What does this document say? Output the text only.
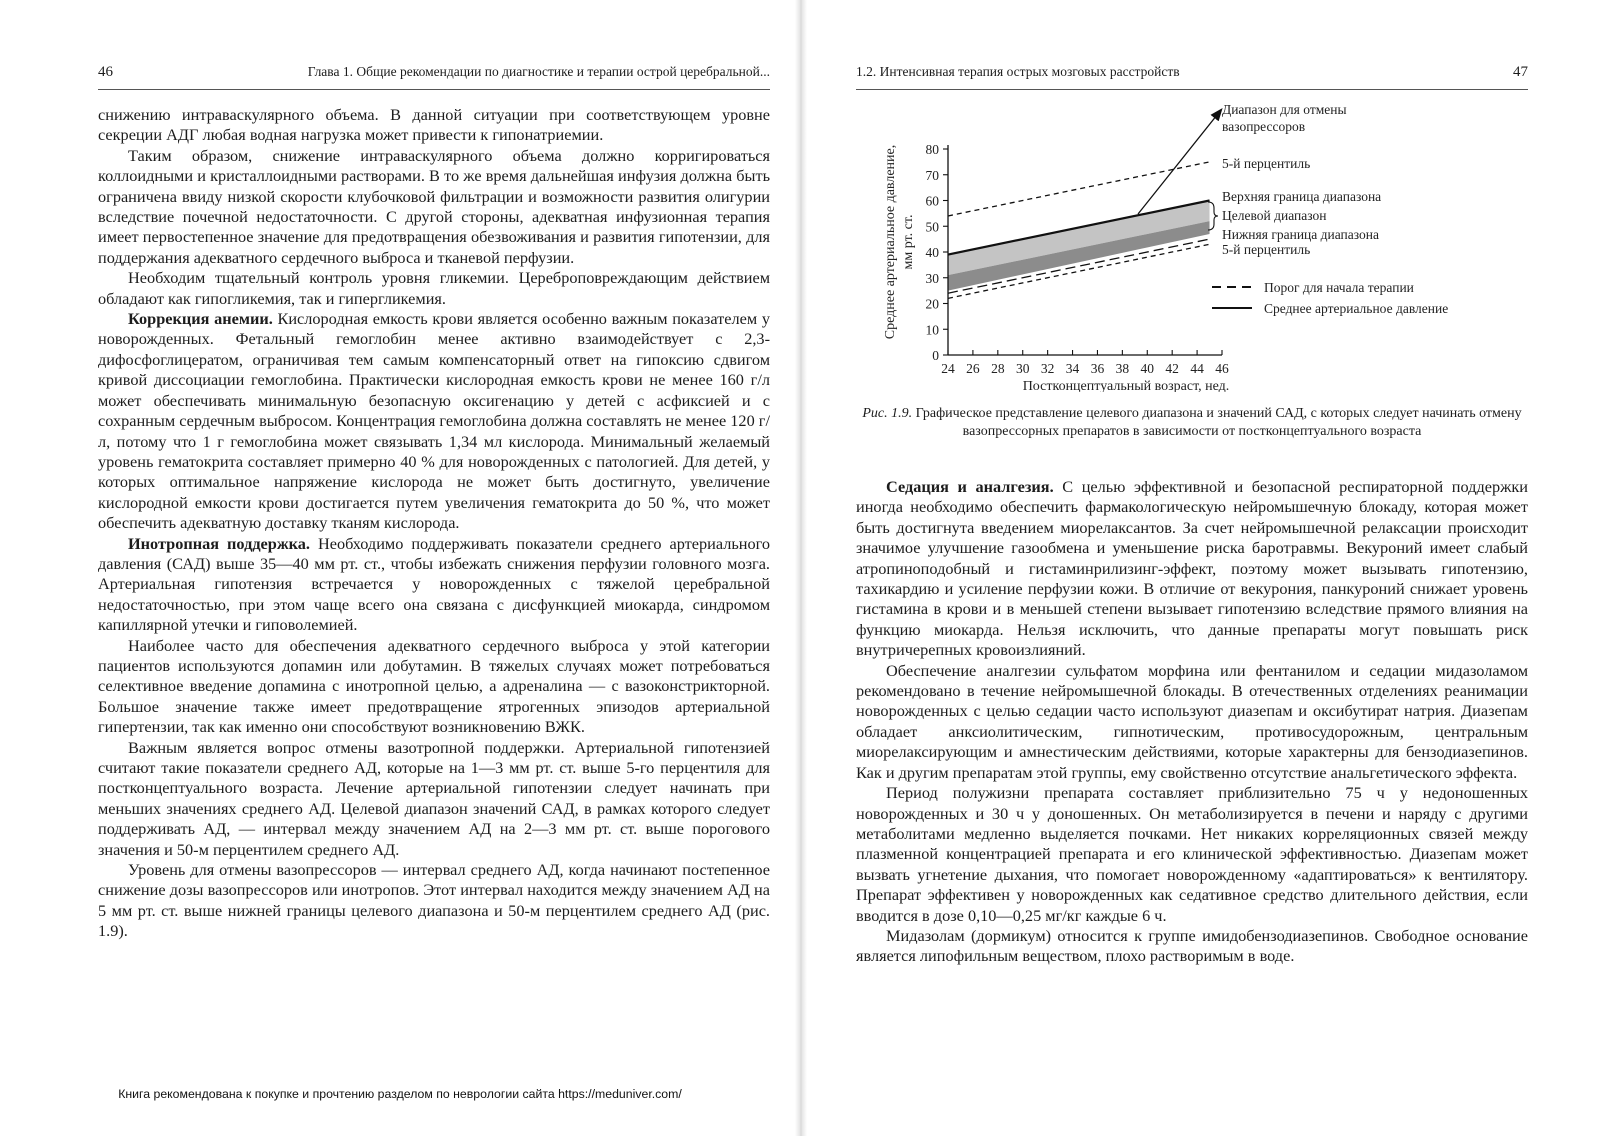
46	Глава 1. Общие рекомендации по диагностике и терапии острой церебральной...

снижению интраваскулярного объема. В данной ситуации при соответствующем уровне секреции АДГ любая водная нагрузка может привести к гипонатриемии.

Таким образом, снижение интраваскулярного объема должно корригироваться коллоидными и кристаллоидными растворами. В то же время дальнейшая инфузия должна быть ограничена ввиду низкой скорости клубочковой фильтрации и возможности развития олигурии вследствие почечной недостаточности. С другой стороны, адекватная инфузионная терапия имеет первостепенное значение для предотвращения обезвоживания и развития гипотензии, для поддержания адекватного сердечного выброса и тканевой перфузии.

Необходим тщательный контроль уровня гликемии. Цереброповреждающим действием обладают как гипогликемия, так и гипергликемия.

Коррекция анемии. Кислородная емкость крови является особенно важным показателем у новорожденных. Фетальный гемоглобин менее активно взаимодействует с 2,3-дифосфоглицератом, ограничивая тем самым компенсаторный ответ на гипоксию сдвигом кривой диссоциации гемоглобина. Практически кислородная емкость крови не менее 160 г/л может обеспечивать минимальную безопасную оксигенацию у детей с асфиксией и с сохранным сердечным выбросом. Концентрация гемоглобина должна составлять не менее 120 г/л, потому что 1 г гемоглобина может связывать 1,34 мл кислорода. Минимальный желаемый уровень гематокрита составляет примерно 40 % для новорожденных с патологией. Для детей, у которых оптимальное напряжение кислорода не может быть достигнуто, увеличение кислородной емкости крови достигается путем увеличения гематокрита до 50 %, что может обеспечить адекватную доставку тканям кислорода.

Инотропная поддержка. Необходимо поддерживать показатели среднего артериального давления (САД) выше 35—40 мм рт. ст., чтобы избежать снижения перфузии головного мозга. Артериальная гипотензия встречается у новорожденных с тяжелой церебральной недостаточностью, при этом чаще всего она связана с дисфункцией миокарда, синдромом капиллярной утечки и гиповолемией.

Наиболее часто для обеспечения адекватного сердечного выброса у этой категории пациентов используются допамин или добутамин. В тяжелых случаях может потребоваться селективное введение допамина с инотропной целью, а адреналина — с вазоконстрикторной. Большое значение также имеет предотвращение ятрогенных эпизодов артериальной гипертензии, так как именно они способствуют возникновению ВЖК.

Важным является вопрос отмены вазотропной поддержки. Артериальной гипотензией считают такие показатели среднего АД, которые на 1—3 мм рт. ст. выше 5-го перцентиля для постконцептуального возраста. Лечение артериальной гипотензии следует начинать при меньших значениях среднего АД. Целевой диапазон значений САД, в рамках которого следует поддерживать АД, — интервал между значением АД на 2—3 мм рт. ст. выше порогового значения и 50-м перцентилем среднего АД.

Уровень для отмены вазопрессоров — интервал среднего АД, когда начинают постепенное снижение дозы вазопрессоров или инотропов. Этот интервал находится между значением АД на 5 мм рт. ст. выше нижней границы целевого диапазона и 50-м перцентилем среднего АД (рис. 1.9).

Книга рекомендована к покупке и прочтению разделом по неврологии сайта https://meduniver.com/
1.2. Интенсивная терапия острых мозговых расстройств	47
0
10
20
30
40
50
60
70
80
24 26 28 30 32 34 36 38 40 42 44 46
Среднее артериальное давление, мм рт. ст.
Постконцептуальный возраст, нед.
Диапазон для отмены
вазопрессоров
5-й перцентиль
Верхняя граница диапазона
Целевой диапазон
Нижняя граница диапазона
5-й перцентиль
Порог для начала терапии
Среднее артериальное давление
Рис. 1.9. Графическое представление целевого диапазона и значений САД, с которых следует начинать отмену вазопрессорных препаратов в зависимости от постконцептуального возраста

Седация и аналгезия. С целью эффективной и безопасной респираторной поддержки иногда необходимо обеспечить фармакологическую нейромышечную блокаду, которая может быть достигнута введением миорелаксантов. За счет нейромышечной релаксации происходит значимое улучшение газообмена и уменьшение риска баротравмы. Векуроний имеет слабый атропиноподобный и гистаминрилизинг-эффект, поэтому может вызывать гипотензию, тахикардию и усиление перфузии кожи. В отличие от векурония, панкуроний снижает уровень гистамина в крови и в меньшей степени вызывает гипотензию вследствие прямого влияния на функцию миокарда. Нельзя исключить, что данные препараты могут повышать риск внутричерепных кровоизлияний.

Обеспечение аналгезии сульфатом морфина или фентанилом и седации мидазоламом рекомендовано в течение нейромышечной блокады. В отечественных отделениях реанимации новорожденных с целью седации часто используют диазепам и оксибутират натрия. Диазепам обладает анксиолитическим, гипнотическим, противосудорожным, центральным миорелаксирующим и амнестическим действиями, которые характерны для бензодиазепинов. Как и другим препаратам этой группы, ему свойственно отсутствие анальгетического эффекта.

Период полужизни препарата составляет приблизительно 75 ч у недоношенных новорожденных и 30 ч у доношенных. Он метаболизируется в печени и наряду с другими метаболитами медленно выделяется почками. Нет никаких корреляционных связей между плазменной концентрацией препарата и его клинической эффективностью. Диазепам может вызвать угнетение дыхания, что помогает новорожденному «адаптироваться» к вентилятору. Препарат эффективен у новорожденных как седативное средство длительного действия, если вводится в дозе 0,10—0,25 мг/кг каждые 6 ч.

Мидазолам (дормикум) относится к группе имидобензодиазепинов. Свободное основание является липофильным веществом, плохо растворимым в воде.
